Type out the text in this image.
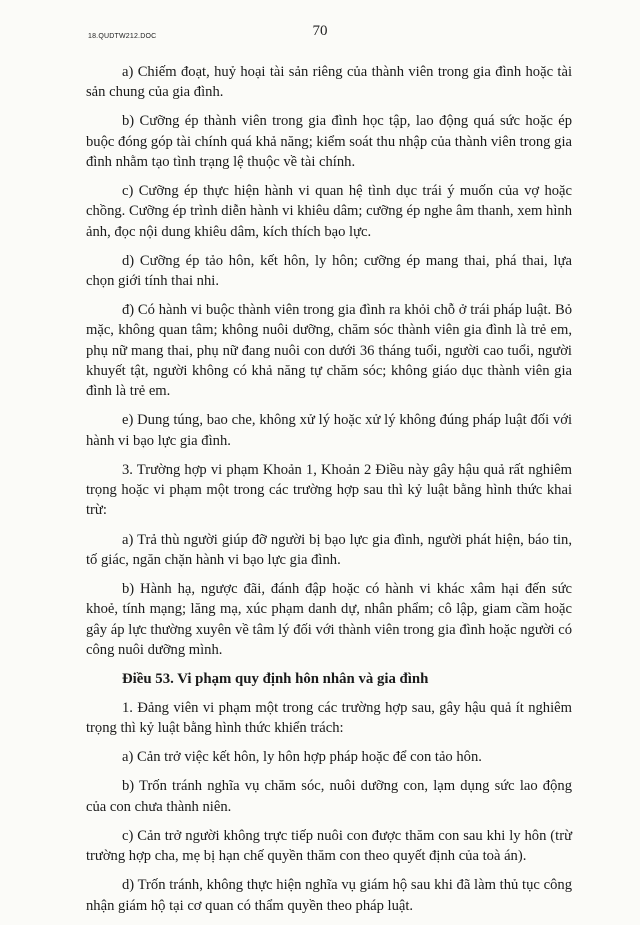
18.QUDTW212.DOC	70

a) Chiếm đoạt, huỷ hoại tài sản riêng của thành viên trong gia đình hoặc tài sản chung của gia đình.

b) Cưỡng ép thành viên trong gia đình học tập, lao động quá sức hoặc ép buộc đóng góp tài chính quá khả năng; kiểm soát thu nhập của thành viên trong gia đình nhằm tạo tình trạng lệ thuộc về tài chính.

c) Cưỡng ép thực hiện hành vi quan hệ tình dục trái ý muốn của vợ hoặc chồng. Cưỡng ép trình diễn hành vi khiêu dâm; cưỡng ép nghe âm thanh, xem hình ảnh, đọc nội dung khiêu dâm, kích thích bạo lực.

d) Cưỡng ép tảo hôn, kết hôn, ly hôn; cưỡng ép mang thai, phá thai, lựa chọn giới tính thai nhi.

đ) Có hành vi buộc thành viên trong gia đình ra khỏi chỗ ở trái pháp luật. Bỏ mặc, không quan tâm; không nuôi dưỡng, chăm sóc thành viên gia đình là trẻ em, phụ nữ mang thai, phụ nữ đang nuôi con dưới 36 tháng tuổi, người cao tuổi, người khuyết tật, người không có khả năng tự chăm sóc; không giáo dục thành viên gia đình là trẻ em.

e) Dung túng, bao che, không xử lý hoặc xử lý không đúng pháp luật đối với hành vi bạo lực gia đình.

3. Trường hợp vi phạm Khoản 1, Khoản 2 Điều này gây hậu quả rất nghiêm trọng hoặc vi phạm một trong các trường hợp sau thì kỷ luật bằng hình thức khai trừ:

a) Trả thù người giúp đỡ người bị bạo lực gia đình, người phát hiện, báo tin, tố giác, ngăn chặn hành vi bạo lực gia đình.

b) Hành hạ, ngược đãi, đánh đập hoặc có hành vi khác xâm hại đến sức khoẻ, tính mạng; lăng mạ, xúc phạm danh dự, nhân phẩm; cô lập, giam cầm hoặc gây áp lực thường xuyên về tâm lý đối với thành viên trong gia đình hoặc người có công nuôi dưỡng mình.

Điều 53. Vi phạm quy định hôn nhân và gia đình

1. Đảng viên vi phạm một trong các trường hợp sau, gây hậu quả ít nghiêm trọng thì kỷ luật bằng hình thức khiển trách:

a) Cản trở việc kết hôn, ly hôn hợp pháp hoặc để con tảo hôn.

b) Trốn tránh nghĩa vụ chăm sóc, nuôi dưỡng con, lạm dụng sức lao động của con chưa thành niên.

c) Cản trở người không trực tiếp nuôi con được thăm con sau khi ly hôn (trừ trường hợp cha, mẹ bị hạn chế quyền thăm con theo quyết định của toà án).

d) Trốn tránh, không thực hiện nghĩa vụ giám hộ sau khi đã làm thủ tục công nhận giám hộ tại cơ quan có thẩm quyền theo pháp luật.
